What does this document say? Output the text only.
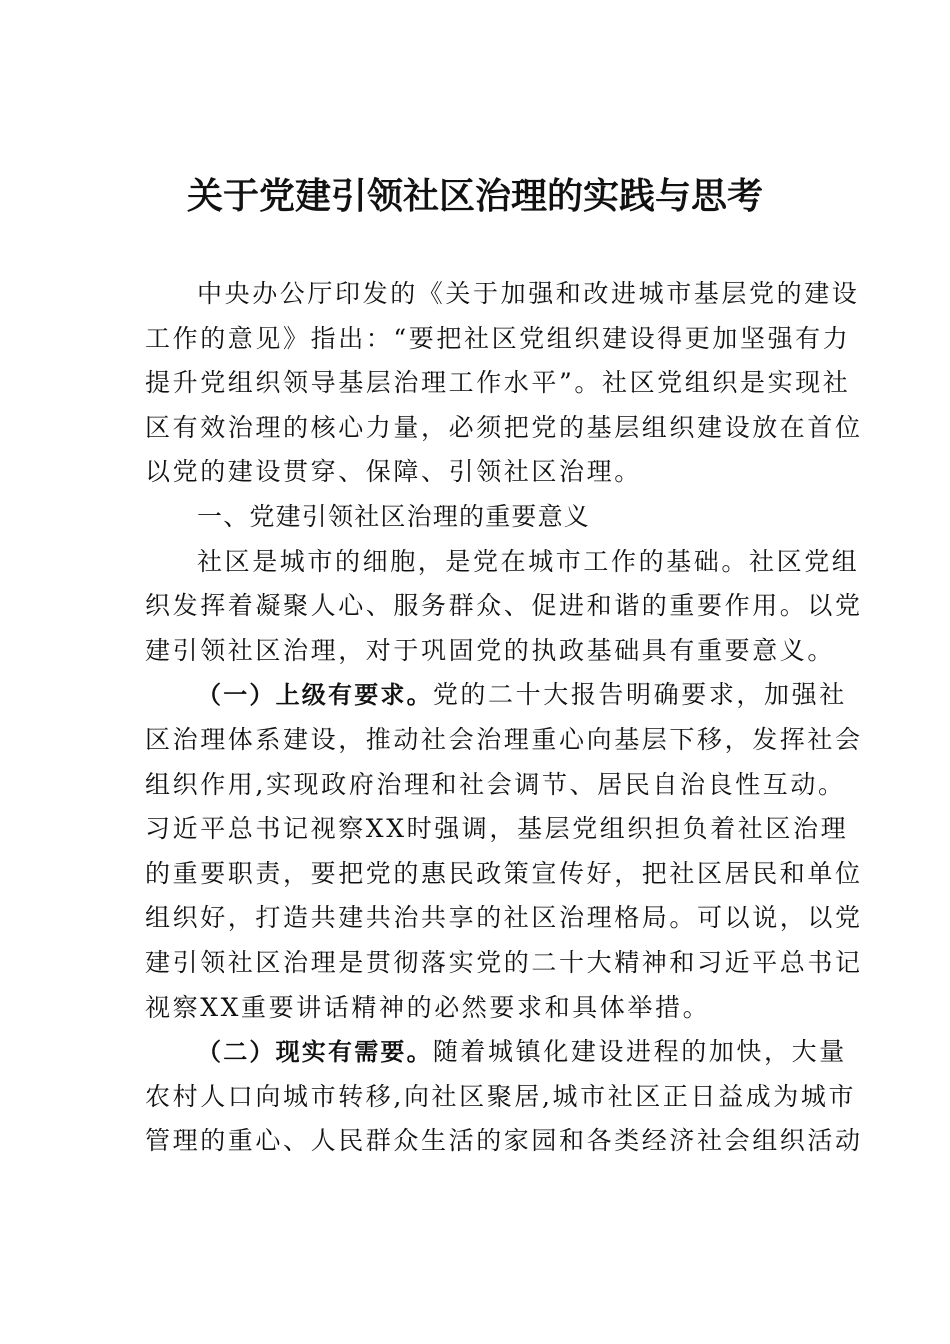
关于党建引领社区治理的实践与思考
中央办公厅印发的《关于加强和改进城市基层党的建设
工作的意见》指出：“要把社区党组织建设得更加坚强有力
提升党组织领导基层治理工作水平”。社区党组织是实现社
区有效治理的核心力量，必须把党的基层组织建设放在首位
以党的建设贯穿、保障、引领社区治理。
一、党建引领社区治理的重要意义
社区是城市的细胞，是党在城市工作的基础。社区党组
织发挥着凝聚人心、服务群众、促进和谐的重要作用。以党
建引领社区治理，对于巩固党的执政基础具有重要意义。
（一）上级有要求。党的二十大报告明确要求，加强社
区治理体系建设，推动社会治理重心向基层下移，发挥社会
组织作用,实现政府治理和社会调节、居民自治良性互动。
习近平总书记视察XX时强调，基层党组织担负着社区治理
的重要职责，要把党的惠民政策宣传好，把社区居民和单位
组织好，打造共建共治共享的社区治理格局。可以说，以党
建引领社区治理是贯彻落实党的二十大精神和习近平总书记
视察XX重要讲话精神的必然要求和具体举措。
（二）现实有需要。随着城镇化建设进程的加快，大量
农村人口向城市转移,向社区聚居,城市社区正日益成为城市
管理的重心、人民群众生活的家园和各类经济社会组织活动
